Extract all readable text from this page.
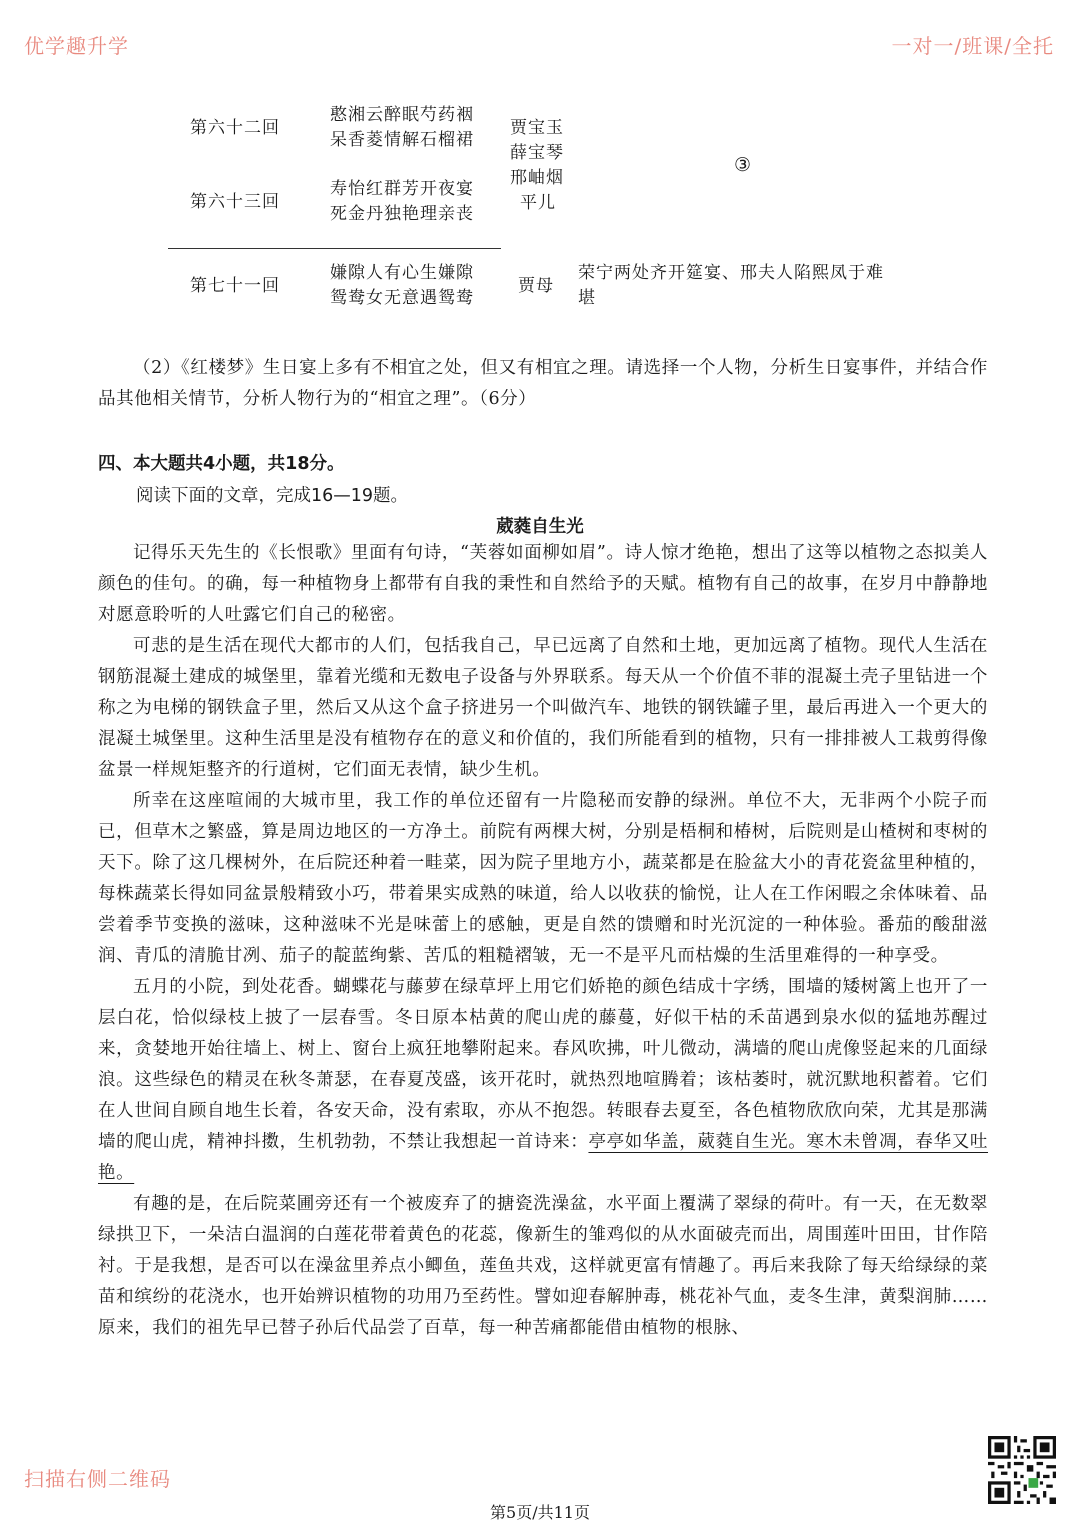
优学趣升学	一对一/班课/全托
第六十二回
憨湘云醉眠芍药裀
呆香菱情解石榴裙
第六十三回
寿怡红群芳开夜宴
死金丹独艳理亲丧
贾宝玉
薛宝琴
邢岫烟
平儿
③
第七十一回
嫌隙人有心生嫌隙
鸳鸯女无意遇鸳鸯
贾母
荣宁两处齐开筵宴、邢夫人陷熙凤于难
堪

（2）《红楼梦》生日宴上多有不相宜之处，但又有相宜之理。请选择一个人物，分析生日宴事件，并结合作品其他相关情节，分析人物行为的“相宜之理”。（6分）

四、本大题共4小题，共18分。
阅读下面的文章，完成16—19题。
葳蕤自生光

记得乐天先生的《长恨歌》里面有句诗，“芙蓉如面柳如眉”。诗人惊才绝艳，想出了这等以植物之态拟美人颜色的佳句。的确，每一种植物身上都带有自我的秉性和自然给予的天赋。植物有自己的故事，在岁月中静静地对愿意聆听的人吐露它们自己的秘密。

可悲的是生活在现代大都市的人们，包括我自己，早已远离了自然和土地，更加远离了植物。现代人生活在钢筋混凝土建成的城堡里，靠着光缆和无数电子设备与外界联系。每天从一个价值不菲的混凝土壳子里钻进一个称之为电梯的钢铁盒子里，然后又从这个盒子挤进另一个叫做汽车、地铁的钢铁罐子里，最后再进入一个更大的混凝土城堡里。这种生活里是没有植物存在的意义和价值的，我们所能看到的植物，只有一排排被人工栽剪得像盆景一样规矩整齐的行道树，它们面无表情，缺少生机。

所幸在这座喧闹的大城市里，我工作的单位还留有一片隐秘而安静的绿洲。单位不大，无非两个小院子而已，但草木之繁盛，算是周边地区的一方净土。前院有两棵大树，分别是梧桐和椿树，后院则是山楂树和枣树的天下。除了这几棵树外，在后院还种着一畦菜，因为院子里地方小，蔬菜都是在脸盆大小的青花瓷盆里种植的，每株蔬菜长得如同盆景般精致小巧，带着果实成熟的味道，给人以收获的愉悦，让人在工作闲暇之余体味着、品尝着季节变换的滋味，这种滋味不光是味蕾上的感触，更是自然的馈赠和时光沉淀的一种体验。番茄的酸甜滋润、青瓜的清脆甘冽、茄子的靛蓝绚紫、苦瓜的粗糙褶皱，无一不是平凡而枯燥的生活里难得的一种享受。

五月的小院，到处花香。蝴蝶花与藤萝在绿草坪上用它们娇艳的颜色结成十字绣，围墙的矮树篱上也开了一层白花，恰似绿枝上披了一层春雪。冬日原本枯黄的爬山虎的藤蔓，好似干枯的禾苗遇到泉水似的猛地苏醒过来，贪婪地开始往墙上、树上、窗台上疯狂地攀附起来。春风吹拂，叶儿微动，满墙的爬山虎像竖起来的几面绿浪。这些绿色的精灵在秋冬萧瑟，在春夏茂盛，该开花时，就热烈地喧腾着；该枯萎时，就沉默地积蓄着。它们在人世间自顾自地生长着，各安天命，没有索取，亦从不抱怨。转眼春去夏至，各色植物欣欣向荣，尤其是那满墙的爬山虎，精神抖擞，生机勃勃，不禁让我想起一首诗来：亭亭如华盖，葳蕤自生光。寒木未曾凋，春华又吐艳。

有趣的是，在后院菜圃旁还有一个被废弃了的搪瓷洗澡盆，水平面上覆满了翠绿的荷叶。有一天，在无数翠绿拱卫下，一朵洁白温润的白莲花带着黄色的花蕊，像新生的雏鸡似的从水面破壳而出，周围莲叶田田，甘作陪衬。于是我想，是否可以在澡盆里养点小鲫鱼，莲鱼共戏，这样就更富有情趣了。再后来我除了每天给绿绿的菜苗和缤纷的花浇水，也开始辨识植物的功用乃至药性。譬如迎春解肿毒，桃花补气血，麦冬生津，黄梨润肺……原来，我们的祖先早已替子孙后代品尝了百草，每一种苦痛都能借由植物的根脉、

扫描右侧二维码
第5页/共11页
